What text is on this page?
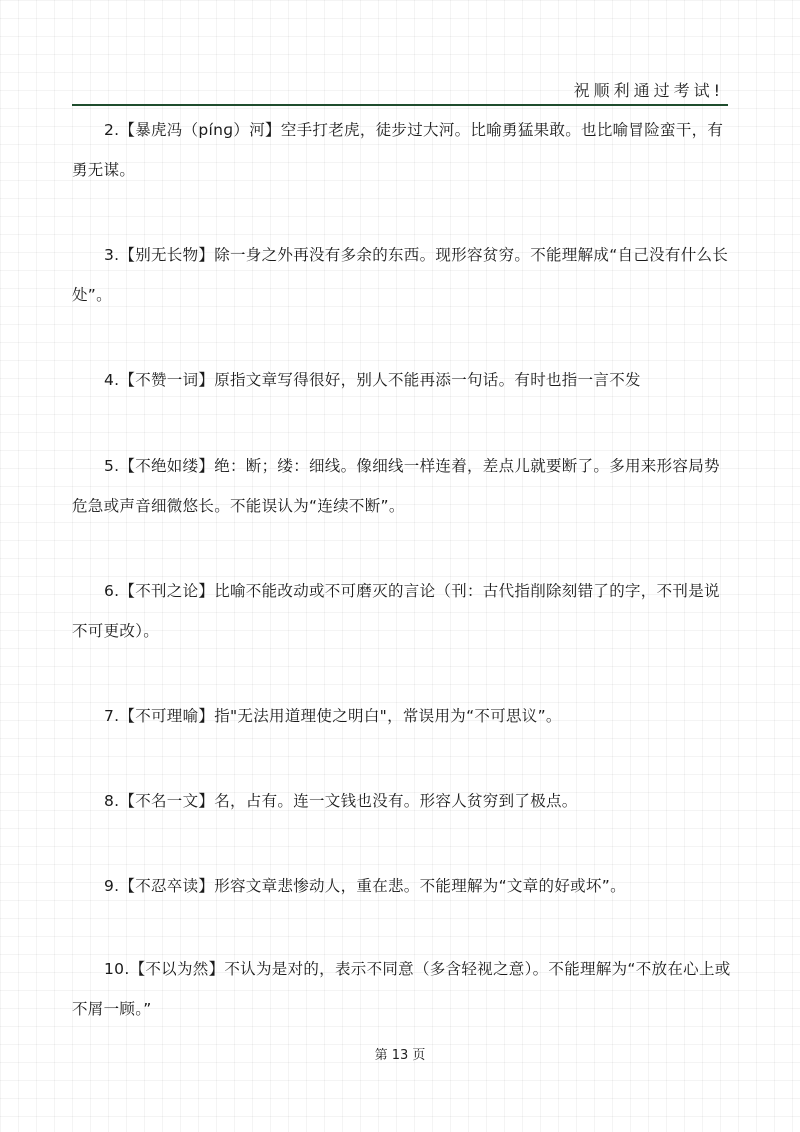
祝顺利通过考试!
2.【暴虎冯（pínɡ）河】空手打老虎，徒步过大河。比喻勇猛果敢。也比喻冒险蛮干，有勇无谋。
3.【别无长物】除一身之外再没有多余的东西。现形容贫穷。不能理解成“自己没有什么长处”。
4.【不赞一词】原指文章写得很好，别人不能再添一句话。有时也指一言不发
5.【不绝如缕】绝：断；缕：细线。像细线一样连着，差点儿就要断了。多用来形容局势危急或声音细微悠长。不能误认为“连续不断”。
6.【不刊之论】比喻不能改动或不可磨灭的言论（刊：古代指削除刻错了的字，不刊是说不可更改）。
7.【不可理喻】指"无法用道理使之明白"，常误用为“不可思议”。
8.【不名一文】名，占有。连一文钱也没有。形容人贫穷到了极点。
9.【不忍卒读】形容文章悲惨动人，重在悲。不能理解为“文章的好或坏”。
10.【不以为然】不认为是对的，表示不同意（多含轻视之意）。不能理解为“不放在心上或不屑一顾。”
第 13 页
